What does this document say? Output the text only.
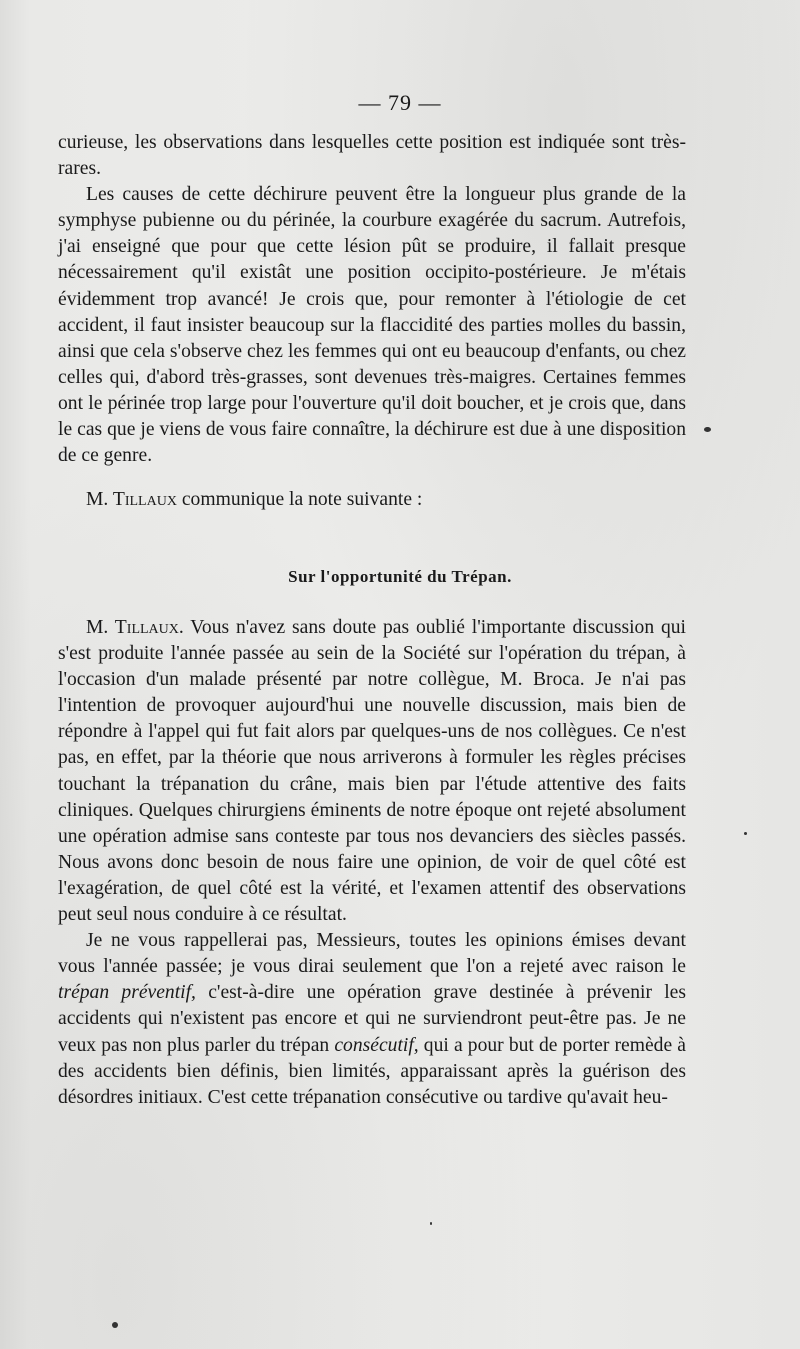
— 79 —

curieuse, les observations dans lesquelles cette position est indiquée sont très-rares.

Les causes de cette déchirure peuvent être la longueur plus grande de la symphyse pubienne ou du périnée, la courbure exagérée du sacrum. Autrefois, j'ai enseigné que pour que cette lésion pût se produire, il fallait presque nécessairement qu'il existât une position occipito-postérieure. Je m'étais évidemment trop avancé! Je crois que, pour remonter à l'étiologie de cet accident, il faut insister beaucoup sur la flaccidité des parties molles du bassin, ainsi que cela s'observe chez les femmes qui ont eu beaucoup d'enfants, ou chez celles qui, d'abord très-grasses, sont devenues très-maigres. Certaines femmes ont le périnée trop large pour l'ouverture qu'il doit boucher, et je crois que, dans le cas que je viens de vous faire connaître, la déchirure est due à une disposition de ce genre.

M. Tillaux communique la note suivante :

Sur l'opportunité du Trépan.

M. Tillaux. Vous n'avez sans doute pas oublié l'importante discussion qui s'est produite l'année passée au sein de la Société sur l'opération du trépan, à l'occasion d'un malade présenté par notre collègue, M. Broca. Je n'ai pas l'intention de provoquer aujourd'hui une nouvelle discussion, mais bien de répondre à l'appel qui fut fait alors par quelques-uns de nos collègues. Ce n'est pas, en effet, par la théorie que nous arriverons à formuler les règles précises touchant la trépanation du crâne, mais bien par l'étude attentive des faits cliniques. Quelques chirurgiens éminents de notre époque ont rejeté absolument une opération admise sans conteste par tous nos devanciers des siècles passés. Nous avons donc besoin de nous faire une opinion, de voir de quel côté est l'exagération, de quel côté est la vérité, et l'examen attentif des observations peut seul nous conduire à ce résultat.

Je ne vous rappellerai pas, Messieurs, toutes les opinions émises devant vous l'année passée; je vous dirai seulement que l'on a rejeté avec raison le trépan préventif, c'est-à-dire une opération grave destinée à prévenir les accidents qui n'existent pas encore et qui ne surviendront peut-être pas. Je ne veux pas non plus parler du trépan consécutif, qui a pour but de porter remède à des accidents bien définis, bien limités, apparaissant après la guérison des désordres initiaux. C'est cette trépanation consécutive ou tardive qu'avait heu-
